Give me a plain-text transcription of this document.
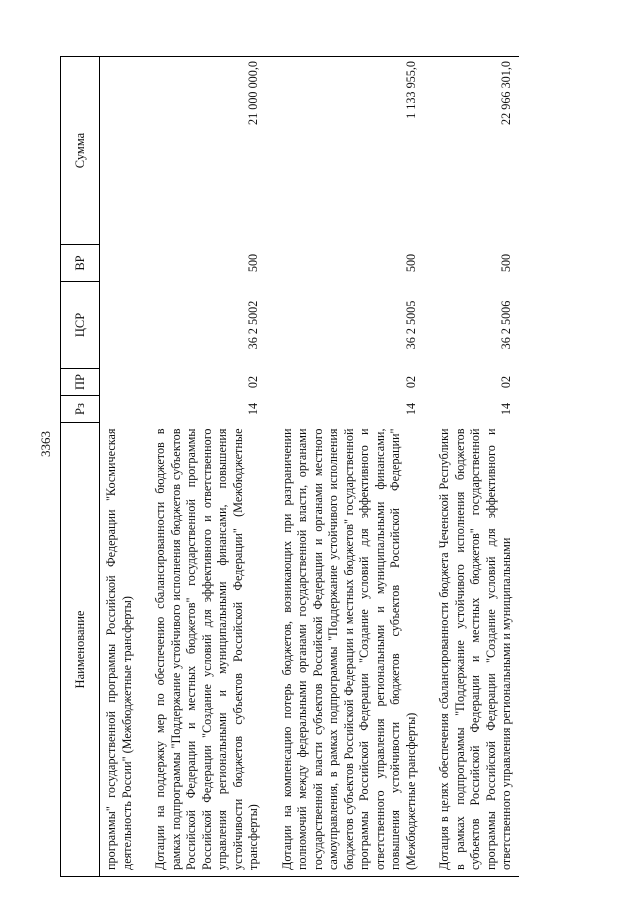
3363
Наименование	Рз	ПР	ЦСР	ВР	Сумма
программы" государственной программы Российской Федерации "Космическая деятельность России" (Межбюджетные трансферты)					

Дотации на поддержку мер по обеспечению сбалансированности бюджетов в рамках подпрограммы "Поддержание устойчивого исполнения бюджетов субъектов Российской Федерации и местных бюджетов" государственной программы Российской Федерации "Создание условий для эффективного и ответственного управления региональными и муниципальными финансами, повышения устойчивости бюджетов субъектов Российской Федерации" (Межбюджетные трансферты)	14	02	36 2 5002	500	21 000 000,0

Дотации на компенсацию потерь бюджетов, возникающих при разграничении полномочий между федеральными органами государственной власти, органами государственной власти субъектов Российской Федерации и органами местного самоуправления, в рамках подпрограммы "Поддержание устойчивого исполнения бюджетов субъектов Российской Федерации и местных бюджетов" государственной программы Российской Федерации "Создание условий для эффективного и ответственного управления региональными и муниципальными финансами, повышения устойчивости бюджетов субъектов Российской Федерации" (Межбюджетные трансферты)	14	02	36 2 5005	500	1 133 955,0

Дотация в целях обеспечения сбалансированности бюджета Чеченской Республики в рамках подпрограммы "Поддержание устойчивого исполнения бюджетов субъектов Российской Федерации и местных бюджетов" государственной программы Российской Федерации "Создание условий для эффективного и ответственного управления региональными и муниципальными	14	02	36 2 5006	500	22 966 301,0
